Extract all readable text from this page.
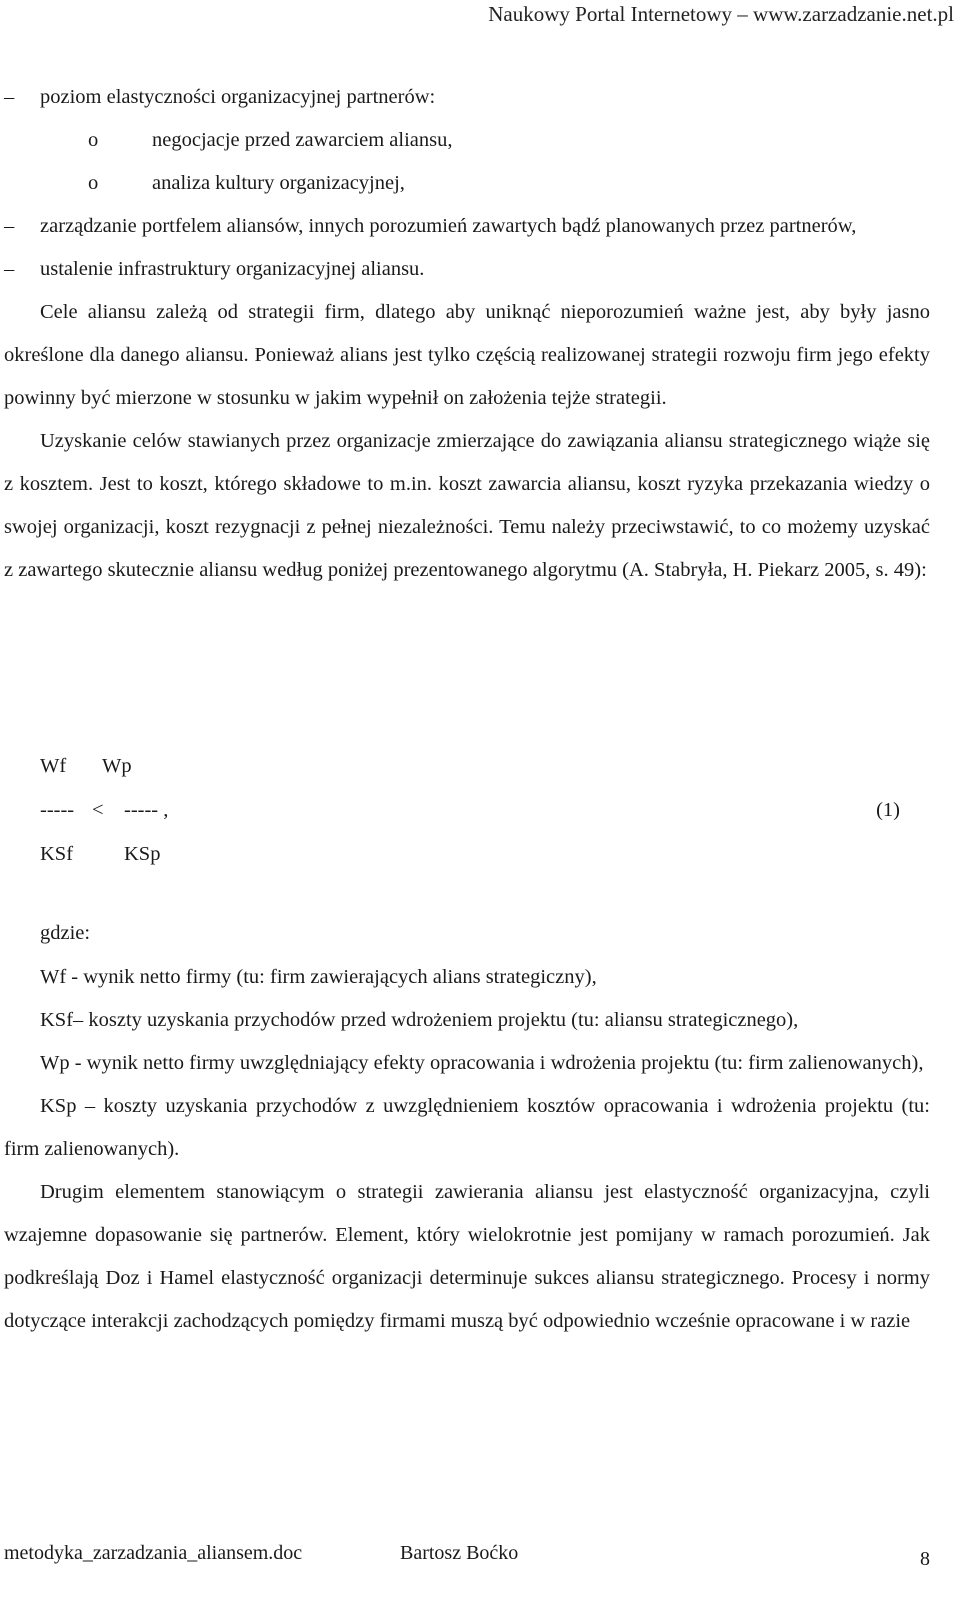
Naukowy Portal Internetowy – www.zarzadzanie.net.pl
– poziom elastyczności organizacyjnej partnerów:
o	negocjacje przed zawarciem aliansu,
o	analiza kultury organizacyjnej,
– zarządzanie portfelem aliansów, innych porozumień zawartych bądź planowanych przez partnerów,
– ustalenie infrastruktury organizacyjnej aliansu.

Cele aliansu zależą od strategii firm, dlatego aby uniknąć nieporozumień ważne jest, aby były jasno określone dla danego aliansu. Ponieważ alians jest tylko częścią realizowanej strategii rozwoju firm jego efekty powinny być mierzone w stosunku w jakim wypełnił on założenia tejże strategii.

Uzyskanie celów stawianych przez organizacje zmierzające do zawiązania aliansu strategicznego wiąże się z kosztem. Jest to koszt, którego składowe to m.in. koszt zawarcia aliansu, koszt ryzyka przekazania wiedzy o swojej organizacji, koszt rezygnacji z pełnej niezależności. Temu należy przeciwstawić, to co możemy uzyskać z zawartego skutecznie aliansu według poniżej prezentowanego algorytmu (A. Stabryła, H. Piekarz 2005, s. 49):

Wf Wp
----- < ----- ,	(1)
KSf KSp
gdzie:

Wf - wynik netto firmy (tu: firm zawierających alians strategiczny),

KSf– koszty uzyskania przychodów przed wdrożeniem projektu (tu: aliansu strategicznego),

Wp - wynik netto firmy uwzględniający efekty opracowania i wdrożenia projektu (tu: firm zalienowanych),

KSp – koszty uzyskania przychodów z uwzględnieniem kosztów opracowania i wdrożenia projektu (tu: firm zalienowanych).

Drugim elementem stanowiącym o strategii zawierania aliansu jest elastyczność organizacyjna, czyli wzajemne dopasowanie się partnerów. Element, który wielokrotnie jest pomijany w ramach porozumień. Jak podkreślają Doz i Hamel elastyczność organizacji determinuje sukces aliansu strategicznego. Procesy i normy dotyczące interakcji zachodzących pomiędzy firmami muszą być odpowiednio wcześnie opracowane i w razie

metodyka_zarzadzania_aliansem.doc	Bartosz Boćko	8
